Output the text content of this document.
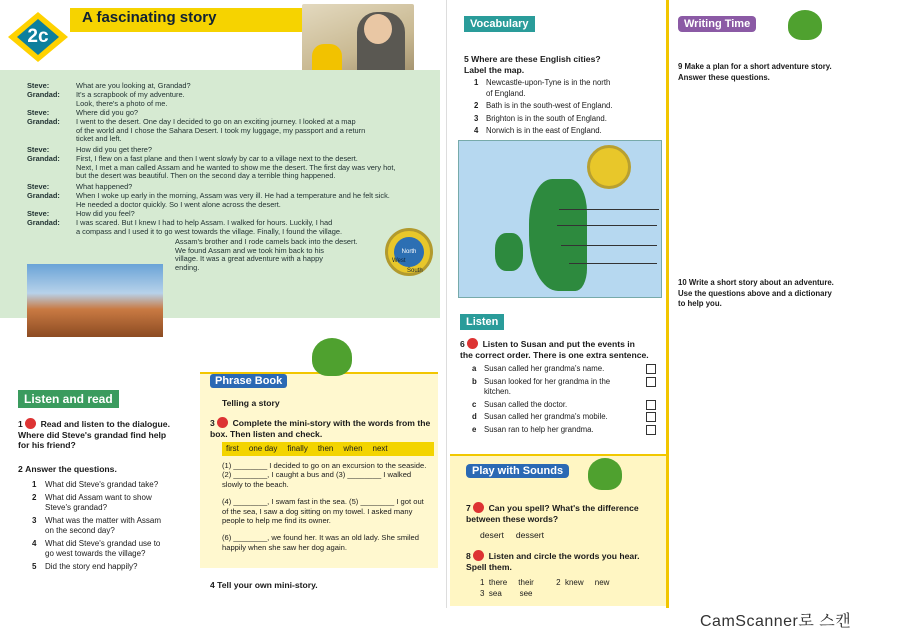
2c
A fascinating story
Steve:	What are you looking at, Grandad?
Grandad: It's a scrapbook of my adventure.
Look, there's a photo of me.
Steve:	Where did you go?
Grandad: I went to the desert. One day I decided to go on an exciting journey. I looked at a map
of the world and I chose the Sahara Desert. I took my luggage, my passport and a return
ticket and left.
Steve:	How did you get there?
Grandad: First, I flew on a fast plane and then I went slowly by car to a village next to the desert.
Next, I met a man called Assam and he wanted to show me the desert. The first day was very hot,
but the desert was beautiful. Then on the second day a terrible thing happened.
Steve:	What happened?
Grandad: When I woke up early in the morning, Assam was very ill. He had a temperature and he felt sick.
He needed a doctor quickly. So I went alone across the desert.
Steve:	How did you feel?
Grandad: I was scared. But I knew I had to help Assam. I walked for hours. Luckily, I had
a compass and I used it to go west towards the village. Finally, I found the village.
Assam's brother and I rode camels back into the desert.
We found Assam and we took him back to his
village. It was a great adventure with a happy
ending.
North
West
South
Listen and read
1 Read and listen to the dialogue.
Where did Steve's grandad find help
for his friend?
2 Answer the questions.
1	What did Steve's grandad take?
2	What did Assam want to show
Steve's grandad?
3	What was the matter with Assam
on the second day?
4	What did Steve's grandad use to
go west towards the village?
5	Did the story end happily?
Phrase Book
Telling a story
3 Complete the mini-story with the words from the
box. Then listen and check.
first one day finally then when next
(1) ________ I decided to go on an excursion to the seaside.
(2) ________, I caught a bus and (3) ________ I walked
slowly to the beach.
(4) ________, I swam fast in the sea. (5) ________ I got out
of the sea, I saw a dog sitting on my towel. I asked many
people to help me find its owner.
(6) ________, we found her. It was an old lady. She smiled
happily when she saw her dog again.
4 Tell your own mini-story.
Vocabulary
5 Where are these English cities?
Label the map.
1 Newcastle-upon-Tyne is in the north
of England.
2 Bath is in the south-west of England.
3 Brighton is in the south of England.
4 Norwich is in the east of England.
Listen
6 Listen to Susan and put the events in
the correct order. There is one extra sentence.
a Susan called her grandma's name.
b Susan looked for her grandma in the
kitchen.
c Susan called the doctor.
d Susan called her grandma's mobile.
e Susan ran to help her grandma.
Play with Sounds
7 Can you spell? What's the difference
between these words?
desert dessert
8 Listen and circle the words you hear.
Spell them.
1 there their	2 knew new
3 sea see
Writing Time
9 Make a plan for a short adventure story.
Answer these questions.
10 Write a short story about an adventure.
Use the questions above and a dictionary
to help you.
CamScanner로 스캔
